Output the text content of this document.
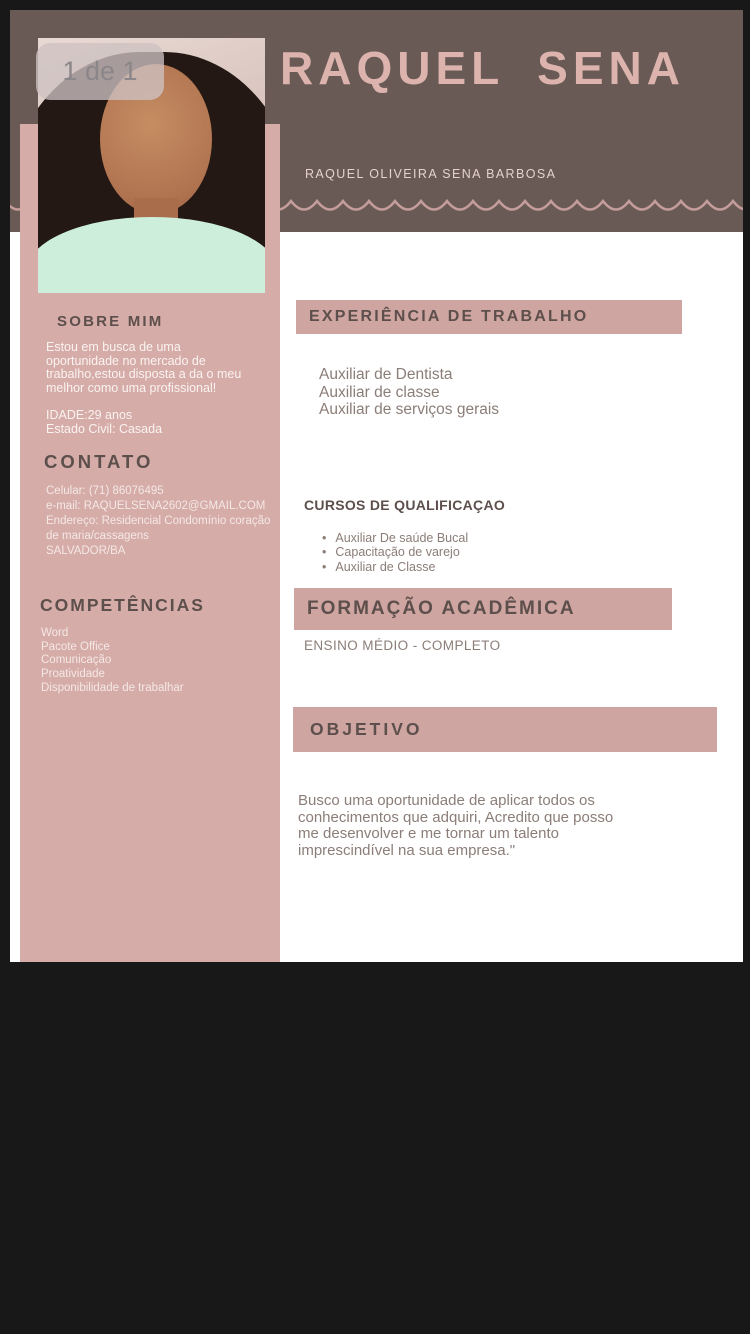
RAQUEL SENA
RAQUEL OLIVEIRA SENA BARBOSA
SOBRE MIM
Estou em busca de uma
oportunidade no mercado de
trabalho,estou disposta a da o meu
melhor como uma profissional!
IDADE:29 anos
Estado Civil: Casada
CONTATO
Celular: (71) 86076495
e-mail: RAQUELSENA2602@GMAIL.COM
Endereço: Residencial Condomínio coração
de maria/cassagens
SALVADOR/BA
COMPETÊNCIAS
Word
Pacote Office
Comunicação
Proatividade
Disponibilidade de trabalhar
EXPERIÊNCIA DE TRABALHO
Auxiliar de Dentista
Auxiliar de classe
Auxiliar de serviços gerais
CURSOS DE QUALIFICAÇAO
• Auxiliar De saúde Bucal
• Capacitação de varejo
• Auxiliar de Classe
FORMAÇÃO ACADÊMICA
ENSINO MÉDIO - COMPLETO
OBJETIVO
Busco uma oportunidade de aplicar todos os
conhecimentos que adquiri, Acredito que posso
me desenvolver e me tornar um talento
imprescindível na sua empresa."
1 de 1
